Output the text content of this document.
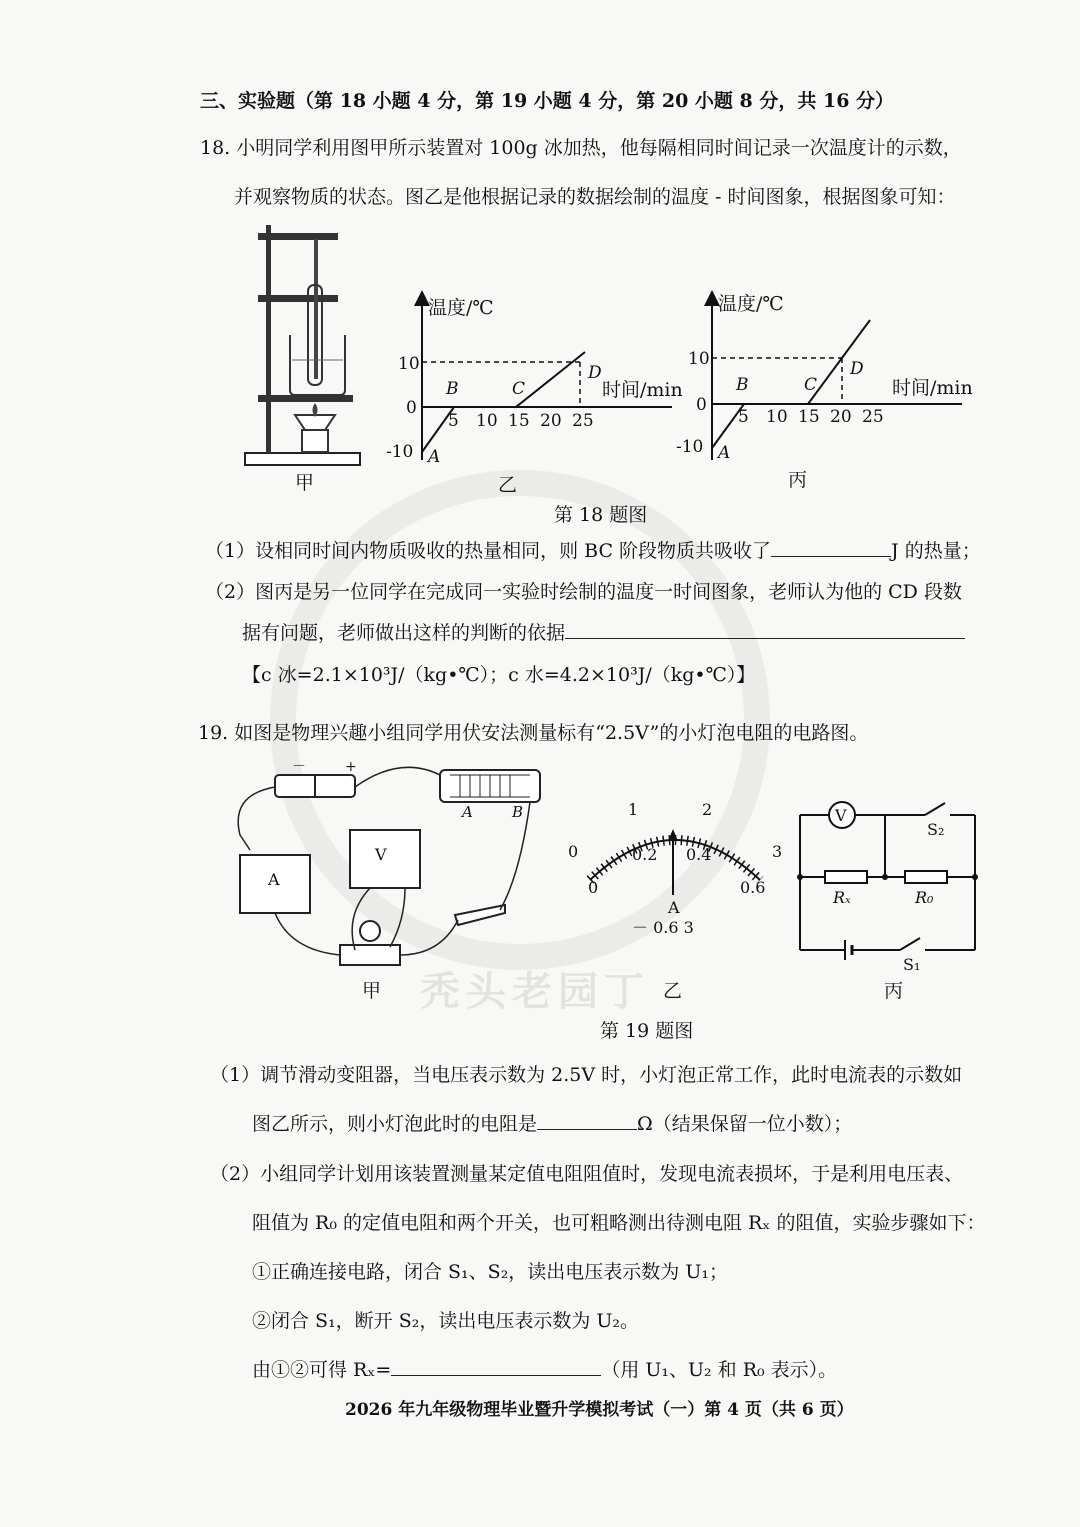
秃头老园丁
三、实验题（第 18 小题 4 分，第 19 小题 4 分，第 20 小题 8 分，共 16 分）
18. 小明同学利用图甲所示装置对 100g 冰加热，他每隔相同时间记录一次温度计的示数，
并观察物质的状态。图乙是他根据记录的数据绘制的温度 - 时间图象，根据图象可知：
甲
温度/℃
时间/min
10
0
-10
5 10 15 20 25
A
B	C
D
乙
温度/℃
时间/min
10
0
-10
5 10 15 20 25
A
B	C
D
丙
第 18 题图
（1）设相同时间内物质吸收的热量相同，则 BC 阶段物质共吸收了	J 的热量；
（2）图丙是另一位同学在完成同一实验时绘制的温度一时间图象，老师认为他的 CD 段数
据有问题，老师做出这样的判断的依据
【c 冰=2.1×10³J/（kg•℃）；c 水=4.2×10³J/（kg•℃）】
19. 如图是物理兴趣小组同学用伏安法测量标有“2.5V”的小灯泡电阻的电路图。
－	+
A	B
A
V
甲
0
1	2
3
0
0.2 0.4
0.6
A
－ 0.6 3
乙
V
S₂
Rₓ	R₀
S₁
丙
第 19 题图
（1）调节滑动变阻器，当电压表示数为 2.5V 时，小灯泡正常工作，此时电流表的示数如
图乙所示，则小灯泡此时的电阻是	Ω（结果保留一位小数）；
（2）小组同学计划用该装置测量某定值电阻阻值时，发现电流表损坏，于是利用电压表、
阻值为 R₀ 的定值电阻和两个开关，也可粗略测出待测电阻 Rₓ 的阻值，实验步骤如下：
①正确连接电路，闭合 S₁、S₂，读出电压表示数为 U₁；
②闭合 S₁，断开 S₂，读出电压表示数为 U₂。
由①②可得 Rₓ=	（用 U₁、U₂ 和 R₀ 表示）。
2026 年九年级物理毕业暨升学模拟考试（一）第 4 页（共 6 页）
